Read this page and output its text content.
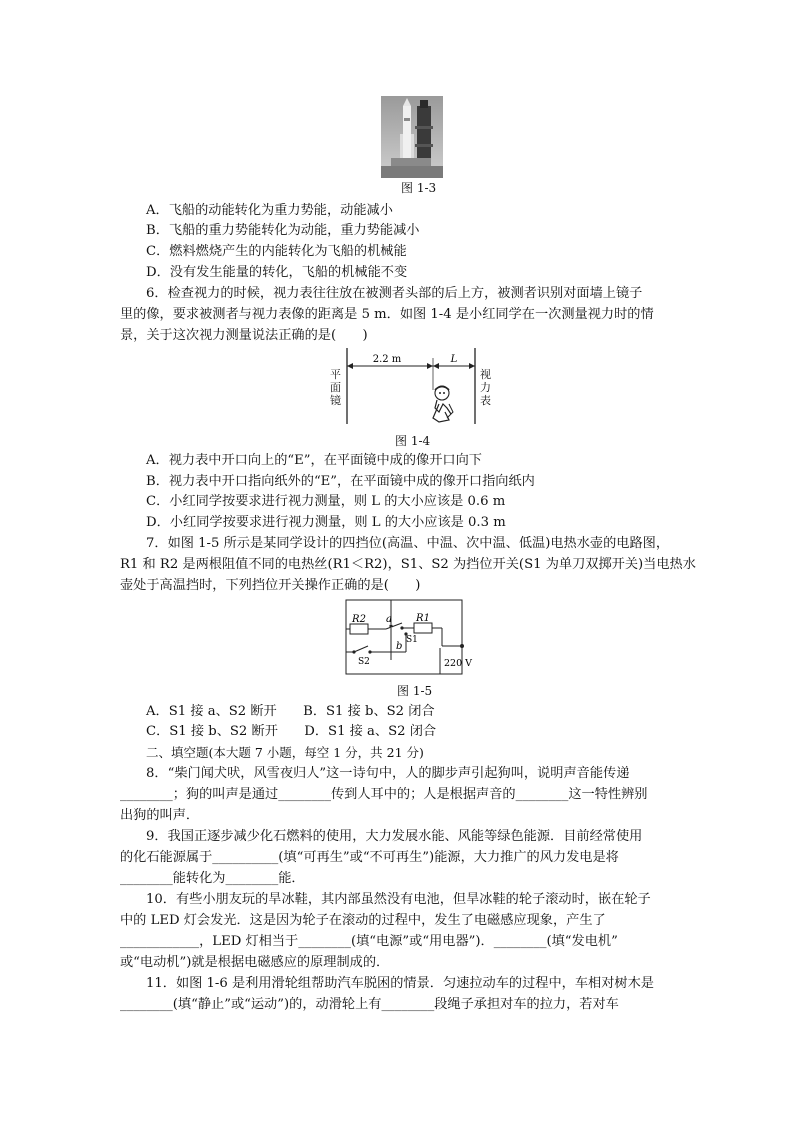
图 1-3
A．飞船的动能转化为重力势能，动能减小
B．飞船的重力势能转化为动能，重力势能减小
C．燃料燃烧产生的内能转化为飞船的机械能
D．没有发生能量的转化，飞船的机械能不变
6．检查视力的时候，视力表往往放在被测者头部的后上方，被测者识别对面墙上镜子
里的像，要求被测者与视力表像的距离是 5 m．如图 1-4 是小红同学在一次测量视力时的情
景，关于这次视力测量说法正确的是(　　)
2.2 m	L
平面镜
视力表
图 1-4
A．视力表中开口向上的“E”，在平面镜中成的像开口向下
B．视力表中开口指向纸外的“E”，在平面镜中成的像开口指向纸内
C．小红同学按要求进行视力测量，则 L 的大小应该是 0.6 m
D．小红同学按要求进行视力测量，则 L 的大小应该是 0.3 m
7．如图 1-5 所示是某同学设计的四挡位(高温、中温、次中温、低温)电热水壶的电路图，
R1 和 R2 是两根阻值不同的电热丝(R1＜R2)，S1、S2 为挡位开关(S1 为单刀双掷开关)当电热水
壶处于高温挡时，下列挡位开关操作正确的是(　　)
R2	R1
a
b
S1
S2	220 V
图 1-5
A．S1 接 a、S2 断开　　B．S1 接 b、S2 闭合
C．S1 接 b、S2 断开　　D．S1 接 a、S2 闭合
二、填空题(本大题 7 小题，每空 1 分，共 21 分)
8．“柴门闻犬吠，风雪夜归人”这一诗句中，人的脚步声引起狗叫，说明声音能传递
________；狗的叫声是通过________传到人耳中的；人是根据声音的________这一特性辨别
出狗的叫声．
9．我国正逐步减少化石燃料的使用，大力发展水能、风能等绿色能源．目前经常使用
的化石能源属于__________(填“可再生”或“不可再生”)能源，大力推广的风力发电是将
________能转化为________能．
10．有些小朋友玩的旱冰鞋，其内部虽然没有电池，但旱冰鞋的轮子滚动时，嵌在轮子
中的 LED 灯会发光．这是因为轮子在滚动的过程中，发生了电磁感应现象，产生了
____________，LED 灯相当于________(填“电源”或“用电器”)．________(填“发电机”
或“电动机”)就是根据电磁感应的原理制成的．
11．如图 1-6 是利用滑轮组帮助汽车脱困的情景．匀速拉动车的过程中，车相对树木是
________(填“静止”或“运动”)的，动滑轮上有________段绳子承担对车的拉力，若对车
